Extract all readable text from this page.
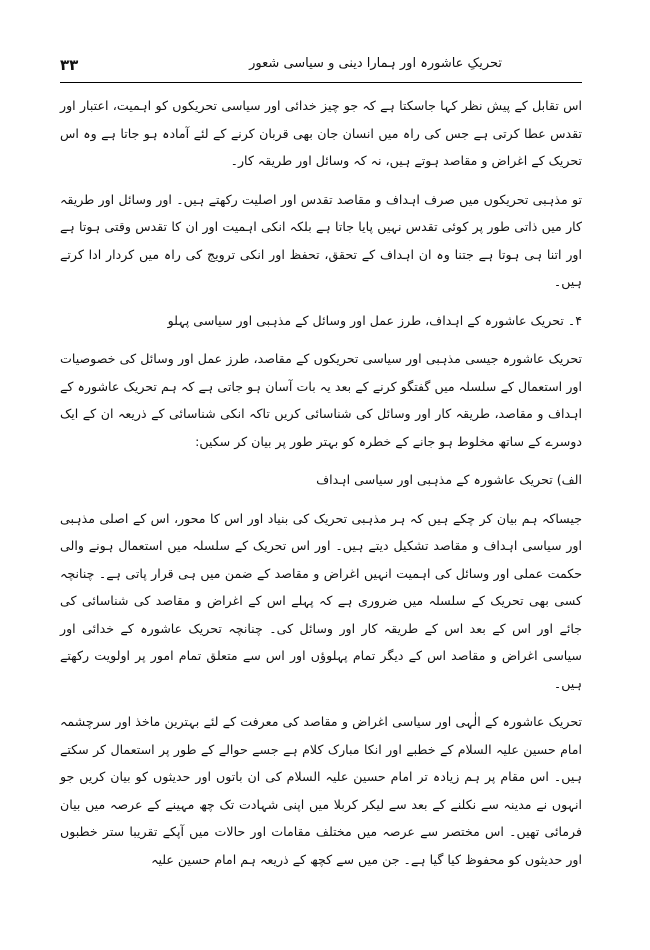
تحریکِ عاشورہ اور ہمارا دینی و سیاسی شعور
۳۳

اس تقابل کے پیش نظر کہا جاسکتا ہے کہ جو چیز خدائی اور سیاسی تحریکوں کو اہمیت، اعتبار اور تقدس عطا کرتی ہے جس کی راہ میں انسان جان بھی قربان کرنے کے لئے آمادہ ہو جاتا ہے وہ اس تحریک کے اغراض و مقاصد ہوتے ہیں، نہ کہ وسائل اور طریقہ کار۔

تو مذہبی تحریکوں میں صرف اہداف و مقاصد تقدس اور اصلیت رکھتے ہیں۔ اور وسائل اور طریقہ کار میں ذاتی طور پر کوئی تقدس نہیں پایا جاتا ہے بلکہ انکی اہمیت اور ان کا تقدس وقتی ہوتا ہے اور اتنا ہی ہوتا ہے جتنا وہ ان اہداف کے تحقق، تحفظ اور انکی ترویج کی راہ میں کردار ادا کرتے ہیں۔

۴۔ تحریک عاشورہ کے اہداف، طرز عمل اور وسائل کے مذہبی اور سیاسی پہلو

تحریک عاشورہ جیسی مذہبی اور سیاسی تحریکوں کے مقاصد، طرز عمل اور وسائل کی خصوصیات اور استعمال کے سلسلہ میں گفتگو کرنے کے بعد یہ بات آسان ہو جاتی ہے کہ ہم تحریک عاشورہ کے اہداف و مقاصد، طریقہ کار اور وسائل کی شناسائی کریں تاکہ انکی شناسائی کے ذریعہ ان کے ایک دوسرے کے ساتھ مخلوط ہو جانے کے خطرہ کو بہتر طور پر بیان کر سکیں:

الف) تحریک عاشورہ کے مذہبی اور سیاسی اہداف

جیساکہ ہم بیان کر چکے ہیں کہ ہر مذہبی تحریک کی بنیاد اور اس کا محور، اس کے اصلی مذہبی اور سیاسی اہداف و مقاصد تشکیل دیتے ہیں۔ اور اس تحریک کے سلسلہ میں استعمال ہونے والی حکمت عملی اور وسائل کی اہمیت انہیں اغراض و مقاصد کے ضمن میں ہی قرار پاتی ہے۔ چنانچہ کسی بھی تحریک کے سلسلہ میں ضروری ہے کہ پہلے اس کے اغراض و مقاصد کی شناسائی کی جائے اور اس کے بعد اس کے طریقہ کار اور وسائل کی۔ چنانچہ تحریک عاشورہ کے خدائی اور سیاسی اغراض و مقاصد اس کے دیگر تمام پہلوؤں اور اس سے متعلق تمام امور پر اولویت رکھتے ہیں۔

تحریک عاشورہ کے الٰہی اور سیاسی اغراض و مقاصد کی معرفت کے لئے بہترین ماخذ اور سرچشمہ امام حسین علیہ السلام کے خطبے اور انکا مبارک کلام ہے جسے حوالے کے طور پر استعمال کر سکتے ہیں۔ اس مقام پر ہم زیادہ تر امام حسین علیہ السلام کی ان باتوں اور حدیثوں کو بیان کریں جو انہوں نے مدینہ سے نکلنے کے بعد سے لیکر کربلا میں اپنی شہادت تک چھ مہینے کے عرصہ میں بیان فرمائی تھیں۔ اس مختصر سے عرصہ میں مختلف مقامات اور حالات میں آپکے تقریبا ستر خطبوں اور حدیثوں کو محفوظ کیا گیا ہے۔ جن میں سے کچھ کے ذریعہ ہم امام حسین علیہ
